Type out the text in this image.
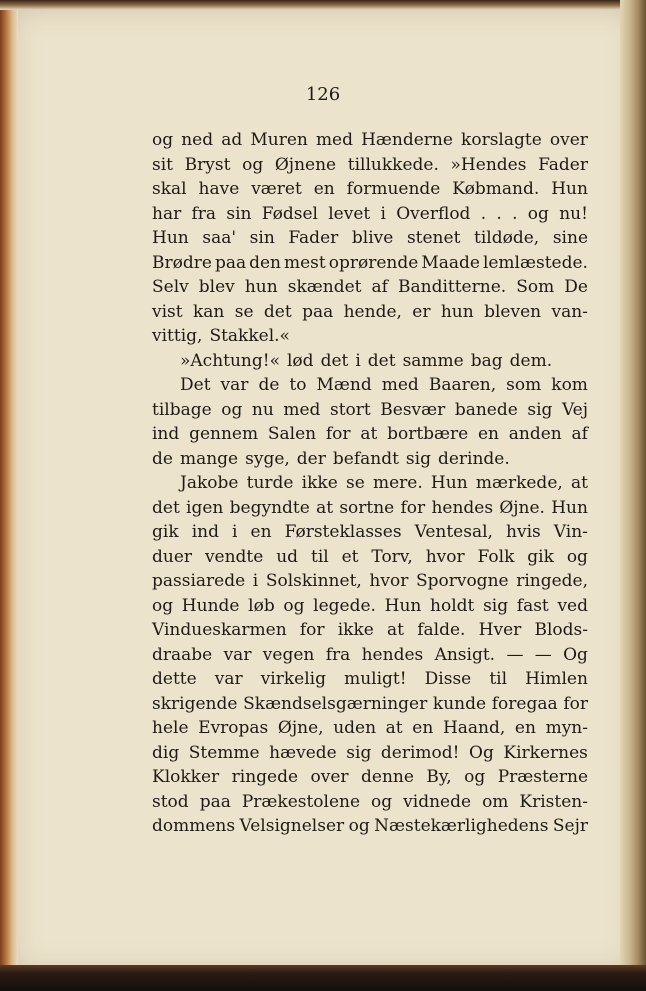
126
og ned ad Muren med Hænderne korslagte over
sit Bryst og Øjnene tillukkede. »Hendes Fader
skal have været en formuende Købmand. Hun
har fra sin Fødsel levet i Overflod . . . og nu!
Hun saa' sin Fader blive stenet tildøde, sine
Brødre paa den mest oprørende Maade lemlæstede.
Selv blev hun skændet af Banditterne. Som De
vist kan se det paa hende, er hun bleven van-
vittig, Stakkel.«
»Achtung!« lød det i det samme bag dem.
Det var de to Mænd med Baaren, som kom
tilbage og nu med stort Besvær banede sig Vej
ind gennem Salen for at bortbære en anden af
de mange syge, der befandt sig derinde.
Jakobe turde ikke se mere. Hun mærkede, at
det igen begyndte at sortne for hendes Øjne. Hun
gik ind i en Førsteklasses Ventesal, hvis Vin-
duer vendte ud til et Torv, hvor Folk gik og
passiarede i Solskinnet, hvor Sporvogne ringede,
og Hunde løb og legede. Hun holdt sig fast ved
Vindueskarmen for ikke at falde. Hver Blods-
draabe var vegen fra hendes Ansigt. — — Og
dette var virkelig muligt! Disse til Himlen
skrigende Skændselsgærninger kunde foregaa for
hele Evropas Øjne, uden at en Haand, en myn-
dig Stemme hævede sig derimod! Og Kirkernes
Klokker ringede over denne By, og Præsterne
stod paa Prækestolene og vidnede om Kristen-
dommens Velsignelser og Næstekærlighedens Sejr
